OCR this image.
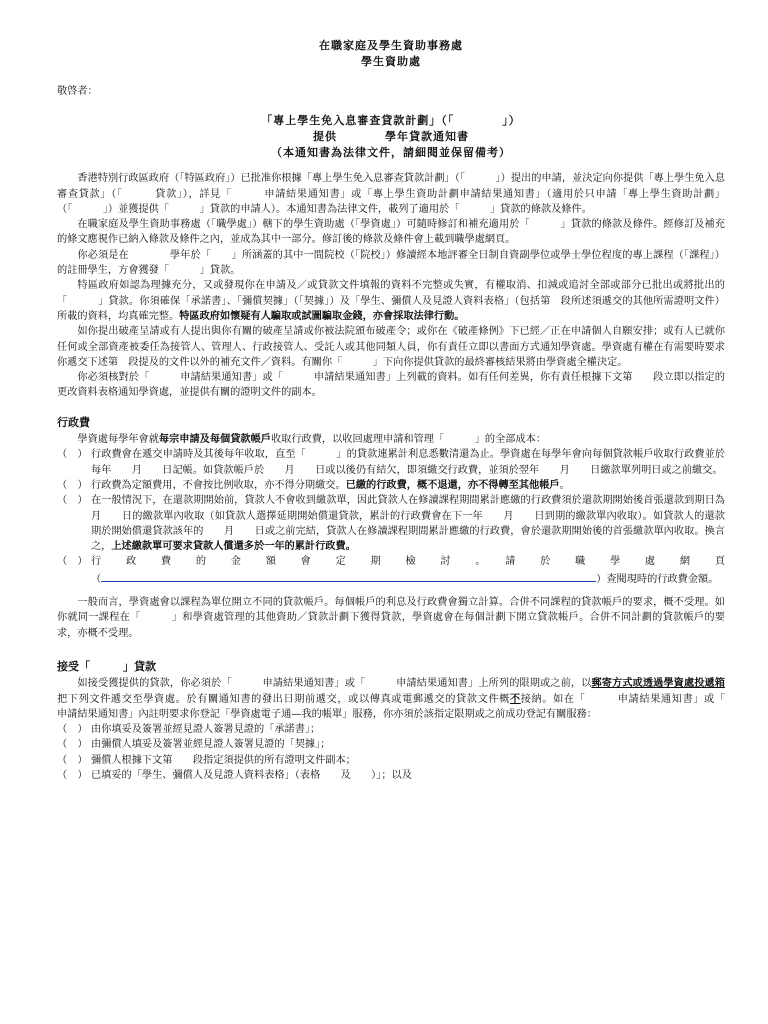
在職家庭及學生資助事務處
學生資助處
敬啓者：
「專上學生免入息審查貸款計劃」（「　　　　」）
提供　　　　學年貸款通知書
（本通知書為法律文件，請細閱並保留備考）

香港特別行政區政府（「特區政府」）已批准你根據「專上學生免入息審查貸款計劃」（「　　　」）提出的申請，並決定向你提供「專上學生免入息審查貸款」（「　　　貸款」），詳見「　　　申請結果通知書」或「專上學生資助計劃申請結果通知書」（適用於只申請「專上學生資助計劃」（「　　　」）並獲提供「　　　」貸款的申請人）。本通知書為法律文件，載列了適用於「　　　」貸款的條款及條件。

在職家庭及學生資助事務處（「職學處」）轄下的學生資助處（「學資處」）可隨時修訂和補充適用於「　　　」貸款的條款及條件。經修訂及補充的條文應視作已納入條款及條件之內，並成為其中一部分。修訂後的條款及條件會上載到職學處網頁。

你必須是在　　　　學年於「　　」所涵蓋的其中一間院校（「院校」）修讀經本地評審全日制自資副學位或學士學位程度的專上課程（「課程」）的註冊學生，方會獲發「　　　」貸款。

特區政府如認為理據充分，又或發現你在申請及／或貸款文件填報的資料不完整或失實，有權取消、扣減或追討全部或部分已批出或將批出的「　　　」貸款。你須確保「承諾書」、「彌償契據」（「契據」）及「學生、彌償人及見證人資料表格」（包括第　段所述須遞交的其他所需證明文件）所載的資料，均真確完整。特區政府如懷疑有人騙取或試圖騙取金錢，亦會採取法律行動。

如你提出破產呈請或有人提出與你有關的破產呈請或你被法院頒布破產令；或你在《破產條例》下已經／正在申請個人自願安排；或有人已就你任何或全部資產被委任為接管人、管理人、行政接管人、受託人或其他同類人員，你有責任立即以書面方式通知學資處。學資處有權在有需要時要求你遞交下述第　段提及的文件以外的補充文件／資料。有關你「　　　」下向你提供貸款的最終審核結果將由學資處全權決定。

你必須核對於「　　　申請結果通知書」或「　　　申請結果通知書」上列載的資料。如有任何差異，你有責任根據下文第　　段立即以指定的更改資料表格通知學資處，並提供有關的證明文件的副本。

行政費

學資處每學年會就每宗申請及每個貸款帳戶收取行政費，以收回處理申請和管理「　　　」的全部成本：

（　） 行政費會在遞交申請時及其後每年收取，直至「　　　」的貸款連累計利息悉數清還為止。學資處在每學年會向每個貸款帳戶收取行政費並於每年　　月　　日記帳。如貸款帳戶於　　月　　日或以後仍有結欠，即須繳交行政費，並須於翌年　　月　　日繳款單列明日或之前繳交。
（　） 行政費為定額費用，不會按比例收取，亦不得分期繳交。已繳的行政費，概不退還，亦不得轉至其他帳戶。
（　） 在一般情況下，在還款期開始前，貸款人不會收到繳款單，因此貸款人在修讀課程期間累計應繳的行政費須於還款期開始後首張還款到期日為　　月　　日的繳款單內收取（如貸款人選擇延期開始償還貸款，累計的行政費會在下一年　　月　　日到期的繳款單內收取）。如貸款人的還款期於開始償還貸款該年的　　月　　日或之前完結，貸款人在修讀課程期間累計應繳的行政費，會於還款期開始後的首張繳款單內收取。換言之，上述繳款單可要求貸款人償還多於一年的累計行政費。
（　） 行　　政　　費　　的　　金　　額　　會　　定　　期　　檢　　討　　。　　請　　於　　職　　學　　處　　網　　頁
（	）查閱現時的行政費金額。

一般而言，學資處會以課程為單位開立不同的貸款帳戶。每個帳戶的利息及行政費會獨立計算。合併不同課程的貸款帳戶的要求，概不受理。如你就同一課程在「　　　」和學資處管理的其他資助／貸款計劃下獲得貸款，學資處會在每個計劃下開立貸款帳戶。合併不同計劃的貸款帳戶的要求，亦概不受理。

接受「　　　」貸款

如接受獲提供的貸款，你必須於「　　　申請結果通知書」或「　　　申請結果通知書」上所列的限期或之前，以郵寄方式或透過學資處投遞箱把下列文件遞交至學資處。於有關通知書的發出日期前遞交，或以傳真或電郵遞交的貸款文件概不接納。如在「　　　申請結果通知書」或「　　　申請結果通知書」內註明要求你登記「學資處電子通—我的帳單」服務，你亦須於該指定限期或之前成功登記有關服務：

（　） 由你填妥及簽署並經見證人簽署見證的「承諾書」；
（　） 由彌償人填妥及簽署並經見證人簽署見證的「契據」；
（　） 彌償人根據下文第　　段指定須提供的所有證明文件副本；
（　） 已填妥的「學生、彌償人及見證人資料表格」（表格　　及　　）」；以及
